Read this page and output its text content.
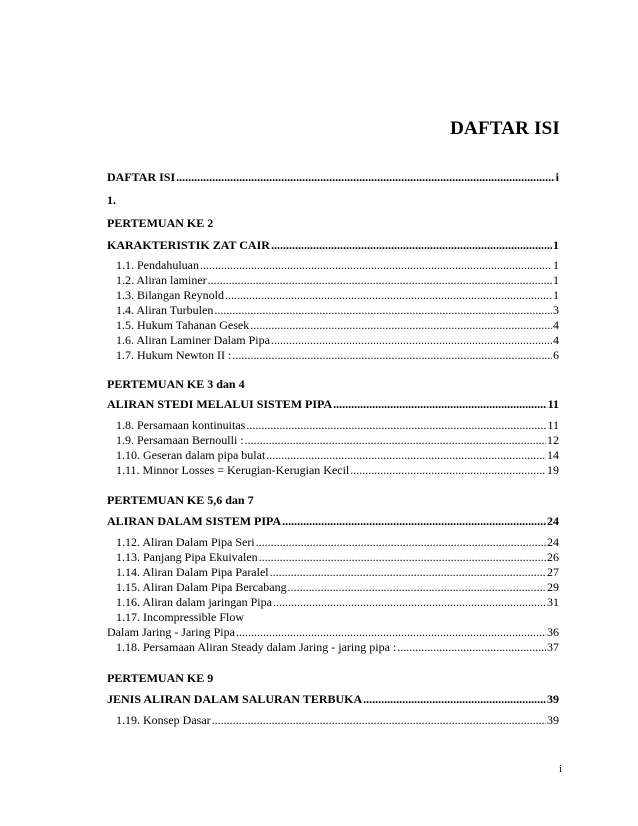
DAFTAR ISI
DAFTAR ISI .....	i
1.
PERTEMUAN KE 2
KARAKTERISTIK ZAT CAIR .....	1
1.1. Pendahuluan .....	1
1.2. Aliran laminer .....	1
1.3. Bilangan Reynold .....	1
1.4. Aliran Turbulen .....	3
1.5. Hukum Tahanan Gesek .....	4
1.6. Aliran Laminer Dalam Pipa .....	4
1.7. Hukum Newton II : .....	6
PERTEMUAN KE 3 dan 4
ALIRAN STEDI MELALUI SISTEM PIPA .....	11
1.8. Persamaan kontinuitas .....	11
1.9. Persamaan Bernoulli : .....	12
1.10. Geseran dalam pipa bulat .....	14
1.11. Minnor Losses = Kerugian-Kerugian Kecil .....	19
PERTEMUAN KE 5,6 dan 7
ALIRAN DALAM SISTEM PIPA .....	24
1.12. Aliran Dalam Pipa Seri .....	24
1.13. Panjang Pipa Ekuivalen .....	26
1.14. Aliran Dalam Pipa Paralel .....	27
1.15. Aliran Dalam Pipa Bercabang .....	29
1.16. Aliran dalam jaringan Pipa .....	31
1.17. Incompressible Flow
Dalam Jaring - Jaring Pipa .....	36
1.18. Persamaan Aliran Steady dalam Jaring - jaring pipa : .....	37
PERTEMUAN KE 9
JENIS ALIRAN DALAM SALURAN TERBUKA .....	39
1.19. Konsep Dasar .....	39
i
